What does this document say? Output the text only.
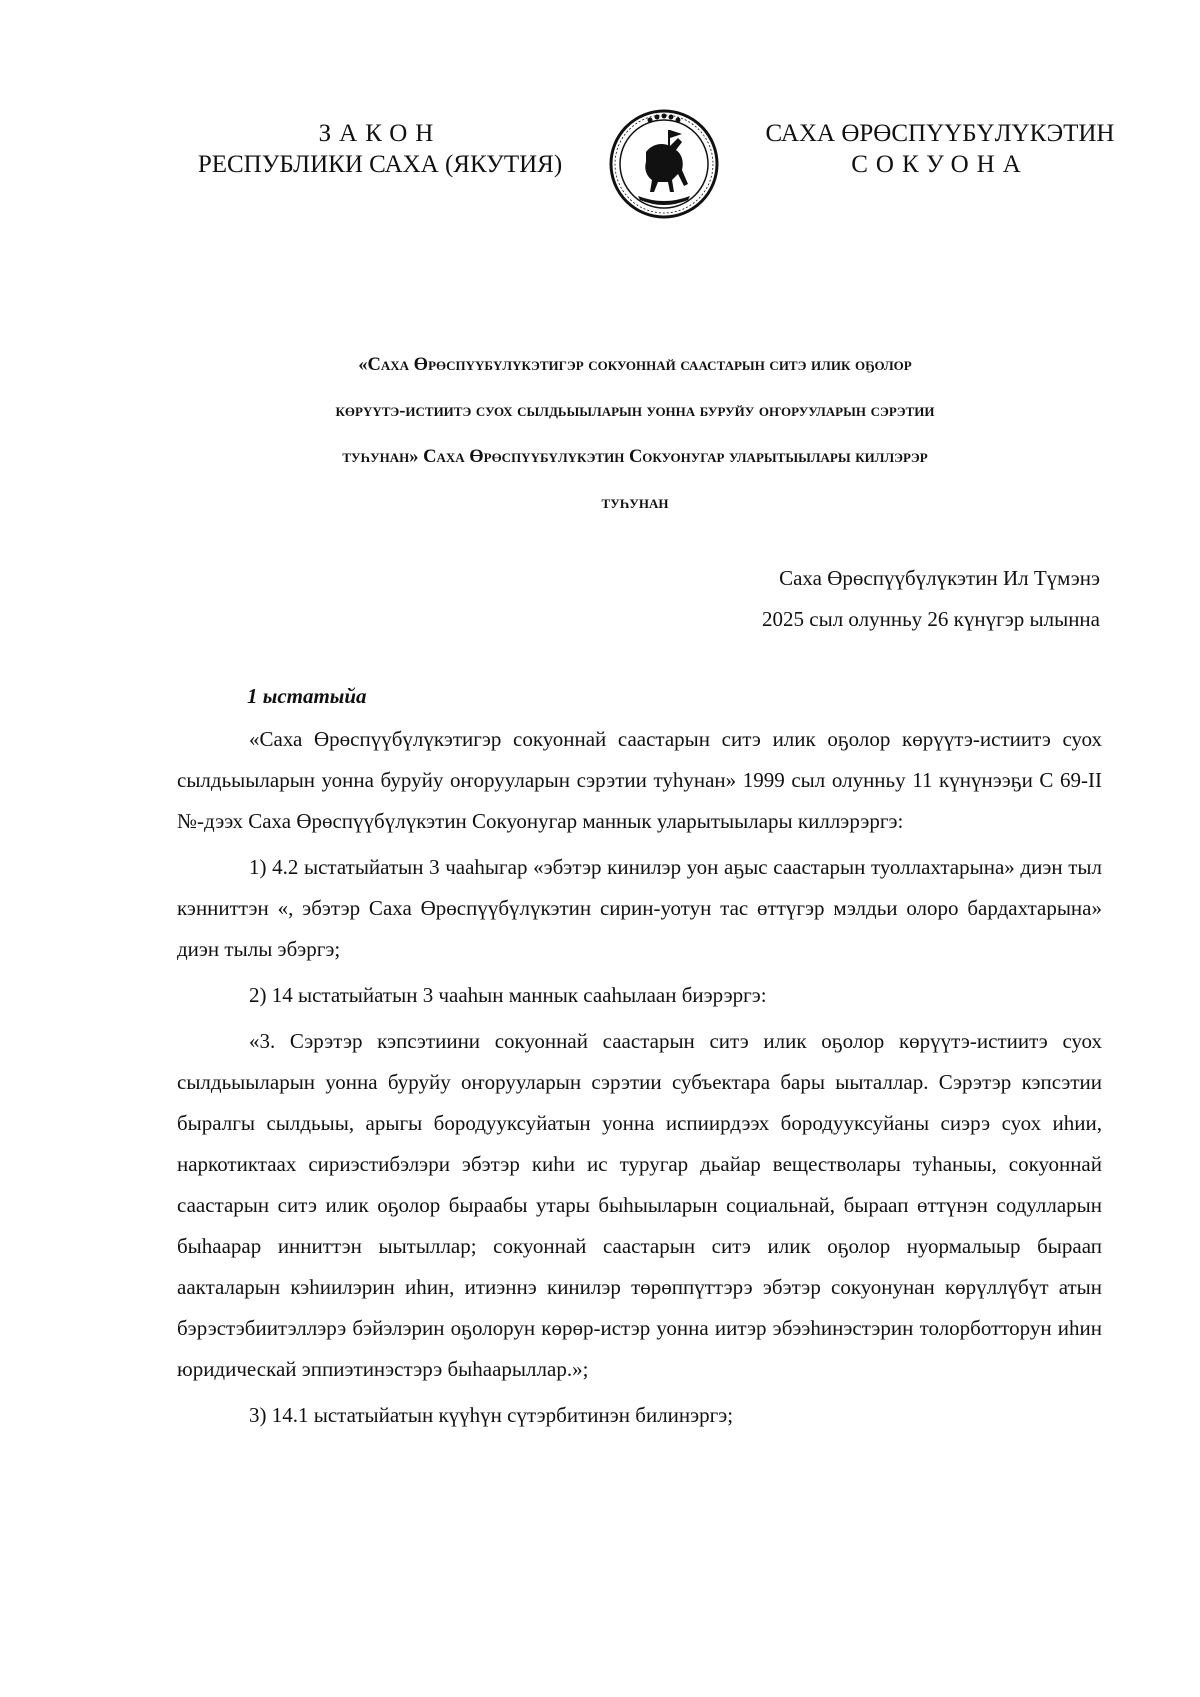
ЗАКОН
РЕСПУБЛИКИ САХА (ЯКУТИЯ)
САХА ӨРӨСПҮҮБҮЛҮКЭТИН
СОКУОНА
«Саха Өрөспүүбүлүкэтигэр сокуоннай саастарын ситэ илик оҕолор
көрүүтэ-истиитэ суох сылдьыыларын уонна буруйу оҥорууларын сэрэтии
туһунан» Саха Өрөспүүбүлүкэтин Сокуонугар уларытыылары киллэрэр
туһунан
Саха Өрөспүүбүлүкэтин Ил Түмэнэ
2025 сыл олунньу 26 күнүгэр ылынна
1 ыстатыйа

«Саха Өрөспүүбүлүкэтигэр сокуоннай саастарын ситэ илик оҕолор көрүүтэ-истиитэ суох сылдьыыларын уонна буруйу оҥорууларын сэрэтии туһунан» 1999 сыл олунньу 11 күнүнээҕи С 69-II №-дээх Саха Өрөспүүбүлүкэтин Сокуонугар маннык уларытыылары киллэрэргэ:

1) 4.2 ыстатыйатын 3 чааһыгар «эбэтэр кинилэр уон аҕыс саастарын туоллахтарына» диэн тыл кэнниттэн «, эбэтэр Саха Өрөспүүбүлүкэтин сирин-уотун тас өттүгэр мэлдьи олоро бардахтарына» диэн тылы эбэргэ;

2) 14 ыстатыйатын 3 чааһын маннык сааһылаан биэрэргэ:

«3. Сэрэтэр кэпсэтиини сокуоннай саастарын ситэ илик оҕолор көрүүтэ-истиитэ суох сылдьыыларын уонна буруйу оҥорууларын сэрэтии субъектара бары ыыталлар. Сэрэтэр кэпсэтии быралгы сылдьыы, арыгы бородууксуйатын уонна испиирдээх бородууксуйаны сиэрэ суох иһии, наркотиктаах сириэстибэлэри эбэтэр киһи ис туругар дьайар веществолары туһаныы, сокуоннай саастарын ситэ илик оҕолор быраабы утары быһыыларын социальнай, быраап өттүнэн содулларын быһаарар инниттэн ыытыллар; сокуоннай саастарын ситэ илик оҕолор нуормалыыр быраап аакталарын кэһиилэрин иһин, итиэннэ кинилэр төрөппүттэрэ эбэтэр сокуонунан көрүллүбүт атын бэрэстэбиитэллэрэ бэйэлэрин оҕолорун көрөр-истэр уонна иитэр эбээһинэстэрин толорботторун иһин юридическай эппиэтинэстэрэ быһаарыллар.»;

3) 14.1 ыстатыйатын күүһүн сүтэрбитинэн билинэргэ;
